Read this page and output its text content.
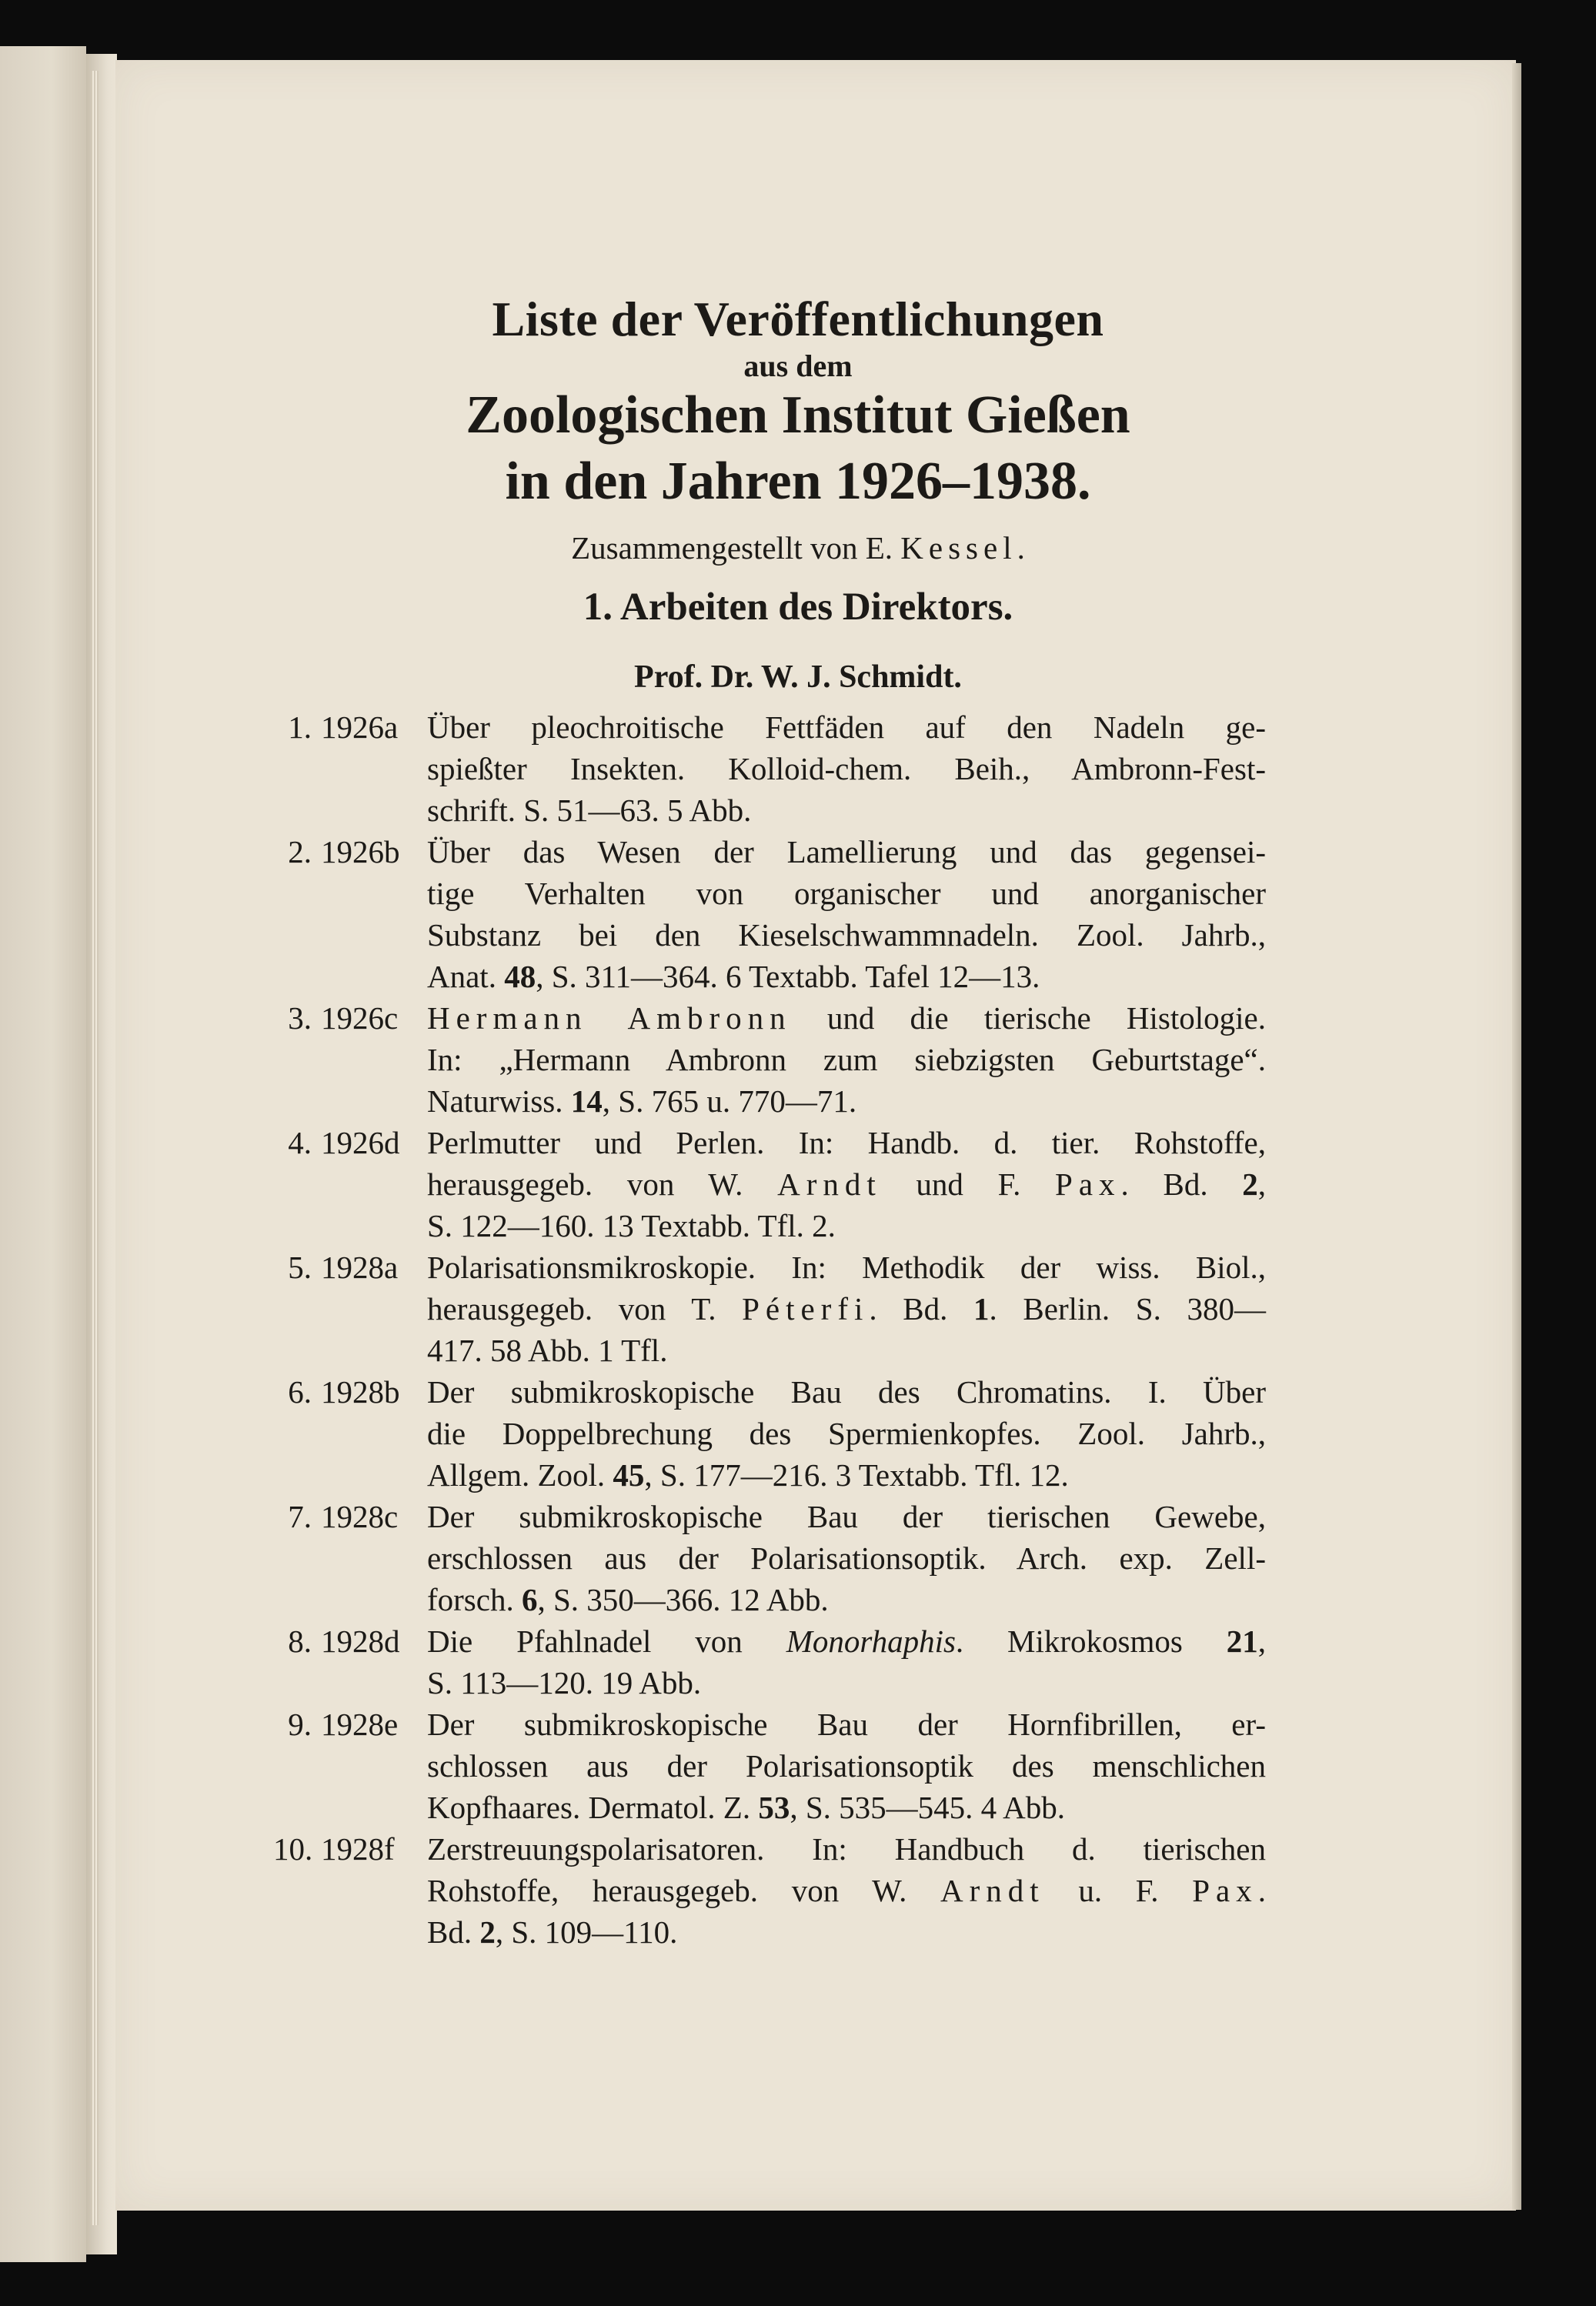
Liste der Veröffentlichungen
aus dem
Zoologischen Institut Gießen
in den Jahren 1926–1938.
Zusammengestellt von E. Kessel.
1. Arbeiten des Direktors.
Prof. Dr. W. J. Schmidt.
1. 1926a Über pleochroitische Fettfäden auf den Nadeln ge-
spießter Insekten. Kolloid-chem. Beih., Ambronn-Fest-
schrift. S. 51—63. 5 Abb.
2. 1926b Über das Wesen der Lamellierung und das gegensei-
tige Verhalten von organischer und anorganischer
Substanz bei den Kieselschwammnadeln. Zool. Jahrb.,
Anat. 48, S. 311—364. 6 Textabb. Tafel 12—13.
3. 1926c Hermann Ambronn und die tierische Histologie.
In: „Hermann Ambronn zum siebzigsten Geburtstage“.
Naturwiss. 14, S. 765 u. 770—71.
4. 1926d Perlmutter und Perlen. In: Handb. d. tier. Rohstoffe,
herausgegeb. von W. Arndt und F. Pax. Bd. 2,
S. 122—160. 13 Textabb. Tfl. 2.
5. 1928a Polarisationsmikroskopie. In: Methodik der wiss. Biol.,
herausgegeb. von T. Péterfi. Bd. 1. Berlin. S. 380—
417. 58 Abb. 1 Tfl.
6. 1928b Der submikroskopische Bau des Chromatins. I. Über
die Doppelbrechung des Spermienkopfes. Zool. Jahrb.,
Allgem. Zool. 45, S. 177—216. 3 Textabb. Tfl. 12.
7. 1928c Der submikroskopische Bau der tierischen Gewebe,
erschlossen aus der Polarisationsoptik. Arch. exp. Zell-
forsch. 6, S. 350—366. 12 Abb.
8. 1928d Die Pfahlnadel von Monorhaphis. Mikrokosmos 21,
S. 113—120. 19 Abb.
9. 1928e Der submikroskopische Bau der Hornfibrillen, er-
schlossen aus der Polarisationsoptik des menschlichen
Kopfhaares. Dermatol. Z. 53, S. 535—545. 4 Abb.
10. 1928f	Zerstreuungspolarisatoren. In: Handbuch d. tierischen
Rohstoffe, herausgegeb. von W. Arndt u. F. Pax.
Bd. 2, S. 109—110.
